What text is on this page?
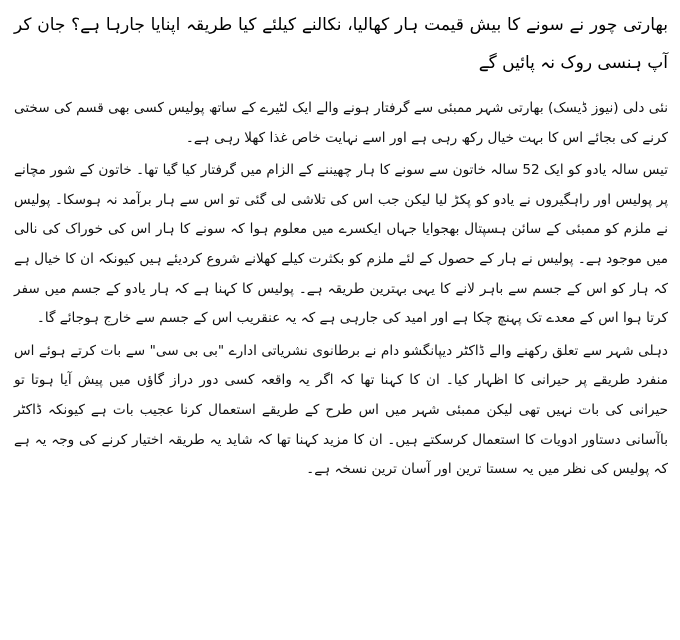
بھارتی چور نے سونے کا بیش قیمت ہار کھالیا، نکالنے کیلئے کیا طریقہ اپنایا جارہا ہے؟ جان کر آپ ہنسی روک نہ پائیں گے

نئی دلی (نیوز ڈیسک) بھارتی شہر ممبئی سے گرفتار ہونے والے ایک لٹیرے کے ساتھ پولیس کسی بھی قسم کی سختی کرنے کی بجائے اس کا بہت خیال رکھ رہی ہے اور اسے نہایت خاص غذا کھلا رہی ہے۔

تیس سالہ یادو کو ایک 52 سالہ خاتون سے سونے کا ہار چھیننے کے الزام میں گرفتار کیا گیا تھا۔ خاتون کے شور مچانے پر پولیس اور راہگیروں نے یادو کو پکڑ لیا لیکن جب اس کی تلاشی لی گئی تو اس سے ہار برآمد نہ ہوسکا۔ پولیس نے ملزم کو ممبئی کے سائن ہسپتال بھجوایا جہاں ایکسرے میں معلوم ہوا کہ سونے کا ہار اس کی خوراک کی نالی میں موجود ہے۔ پولیس نے ہار کے حصول کے لئے ملزم کو بکثرت کیلے کھلانے شروع کردیئے ہیں کیونکہ ان کا خیال ہے کہ ہار کو اس کے جسم سے باہر لانے کا یہی بہترین طریقہ ہے۔ پولیس کا کہنا ہے کہ ہار یادو کے جسم میں سفر کرتا ہوا اس کے معدے تک پہنچ چکا ہے اور امید کی جارہی ہے کہ یہ عنقریب اس کے جسم سے خارج ہوجائے گا۔

دہلی شہر سے تعلق رکھنے والے ڈاکٹر دیپانگشو دام نے برطانوی نشریاتی ادارے "بی بی سی" سے بات کرتے ہوئے اس منفرد طریقے پر حیرانی کا اظہار کیا۔ ان کا کہنا تھا کہ اگر یہ واقعہ کسی دور دراز گاﺅں میں پیش آیا ہوتا تو حیرانی کی بات نہیں تھی لیکن ممبئی شہر میں اس طرح کے طریقے استعمال کرنا عجیب بات ہے کیونکہ ڈاکٹر باآسانی دستاور ادویات کا استعمال کرسکتے ہیں۔ ان کا مزید کہنا تھا کہ شاید یہ طریقہ اختیار کرنے کی وجہ یہ ہے کہ پولیس کی نظر میں یہ سستا ترین اور آسان ترین نسخہ ہے۔
